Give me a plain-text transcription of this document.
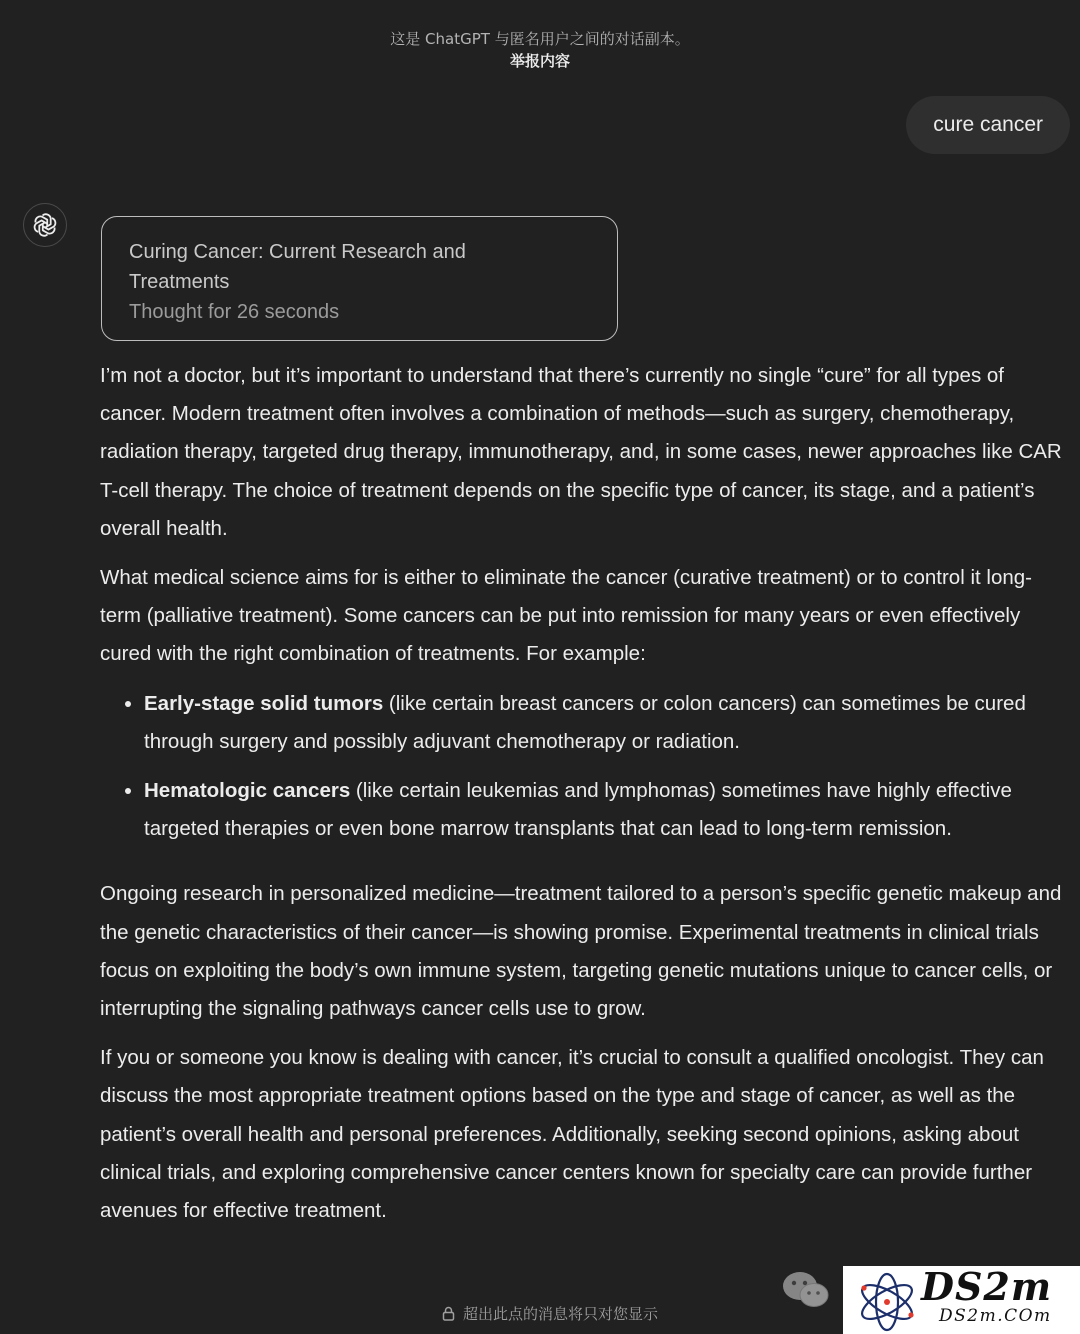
这是 ChatGPT 与匿名用户之间的对话副本。
举报内容
cure cancer
Curing Cancer: Current Research and Treatments
Thought for 26 seconds

I’m not a doctor, but it’s important to understand that there’s currently no single “cure” for all types of cancer. Modern treatment often involves a combination of methods—such as surgery, chemotherapy, radiation therapy, targeted drug therapy, immunotherapy, and, in some cases, newer approaches like CAR T-cell therapy. The choice of treatment depends on the specific type of cancer, its stage, and a patient’s overall health.

What medical science aims for is either to eliminate the cancer (curative treatment) or to control it long-term (palliative treatment). Some cancers can be put into remission for many years or even effectively cured with the right combination of treatments. For example:

• Early-stage solid tumors (like certain breast cancers or colon cancers) can sometimes be cured through surgery and possibly adjuvant chemotherapy or radiation.
• Hematologic cancers (like certain leukemias and lymphomas) sometimes have highly effective targeted therapies or even bone marrow transplants that can lead to long-term remission.

Ongoing research in personalized medicine—treatment tailored to a person’s specific genetic makeup and the genetic characteristics of their cancer—is showing promise. Experimental treatments in clinical trials focus on exploiting the body’s own immune system, targeting genetic mutations unique to cancer cells, or interrupting the signaling pathways cancer cells use to grow.

If you or someone you know is dealing with cancer, it’s crucial to consult a qualified oncologist. They can discuss the most appropriate treatment options based on the type and stage of cancer, as well as the patient’s overall health and personal preferences. Additionally, seeking second opinions, asking about clinical trials, and exploring comprehensive cancer centers known for specialty care can provide further avenues for effective treatment.

超出此点的消息将只对您显示
DS2m
DS2m.COm
